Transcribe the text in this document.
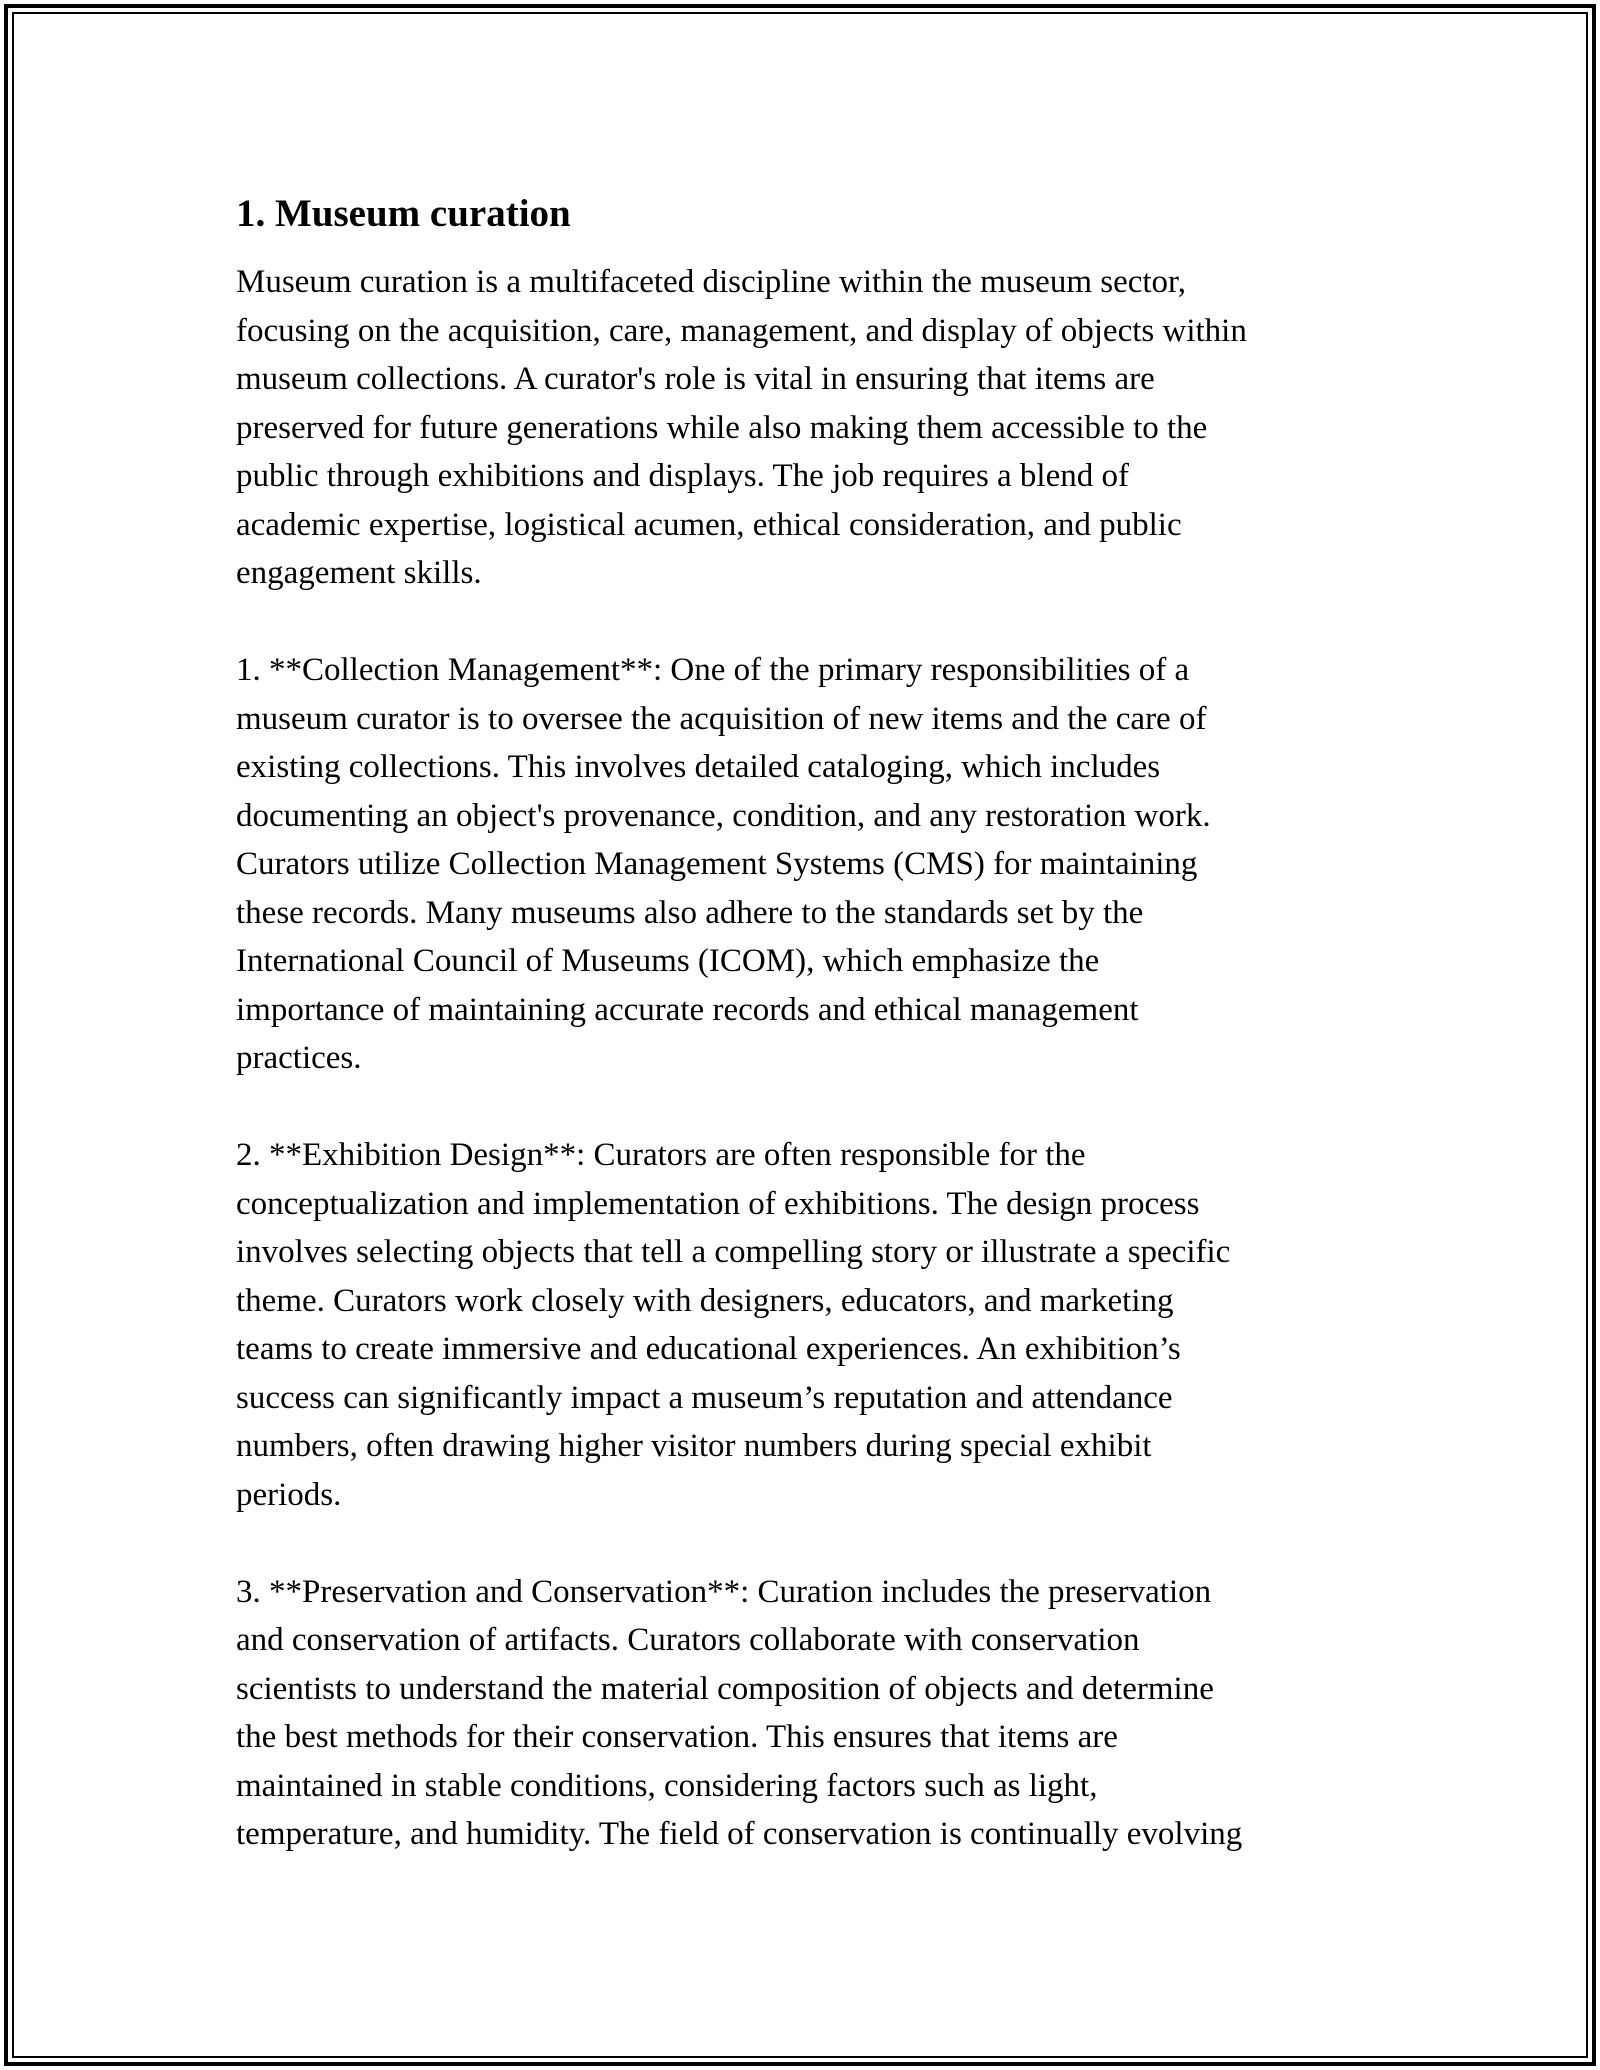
1. Museum curation

Museum curation is a multifaceted discipline within the museum sector,
focusing on the acquisition, care, management, and display of objects within
museum collections. A curator's role is vital in ensuring that items are
preserved for future generations while also making them accessible to the
public through exhibitions and displays. The job requires a blend of
academic expertise, logistical acumen, ethical consideration, and public
engagement skills.

1. **Collection Management**: One of the primary responsibilities of a
museum curator is to oversee the acquisition of new items and the care of
existing collections. This involves detailed cataloging, which includes
documenting an object's provenance, condition, and any restoration work.
Curators utilize Collection Management Systems (CMS) for maintaining
these records. Many museums also adhere to the standards set by the
International Council of Museums (ICOM), which emphasize the
importance of maintaining accurate records and ethical management
practices.

2. **Exhibition Design**: Curators are often responsible for the
conceptualization and implementation of exhibitions. The design process
involves selecting objects that tell a compelling story or illustrate a specific
theme. Curators work closely with designers, educators, and marketing
teams to create immersive and educational experiences. An exhibition’s
success can significantly impact a museum’s reputation and attendance
numbers, often drawing higher visitor numbers during special exhibit
periods.

3. **Preservation and Conservation**: Curation includes the preservation
and conservation of artifacts. Curators collaborate with conservation
scientists to understand the material composition of objects and determine
the best methods for their conservation. This ensures that items are
maintained in stable conditions, considering factors such as light,
temperature, and humidity. The field of conservation is continually evolving
